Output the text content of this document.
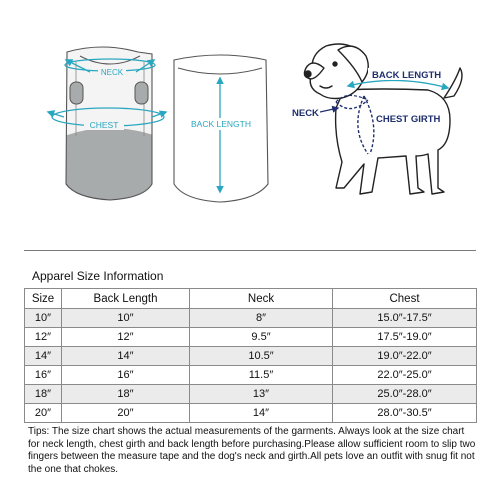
NECK
CHEST	BACK LENGTH
BACK LENGTH
NECK
CHEST GIRTH
Apparel Size Information
Size	Back Length	Neck	Chest
10″	10″	8″	15.0″-17.5″
12″	12″	9.5″	17.5″-19.0″
14″	14″	10.5″	19.0″-22.0″
16″	16″	11.5″	22.0″-25.0″
18″	18″	13″	25.0″-28.0″
20″	20″	14″	28.0″-30.5″

Tips: The size chart shows the actual measurements of the garments. Always look at the size chart for neck length, chest girth and back length before purchasing.Please allow sufficient room to slip two fingers between the measure tape and the dog's neck and girth.All pets love an outfit with snug fit not the one that chokes.
